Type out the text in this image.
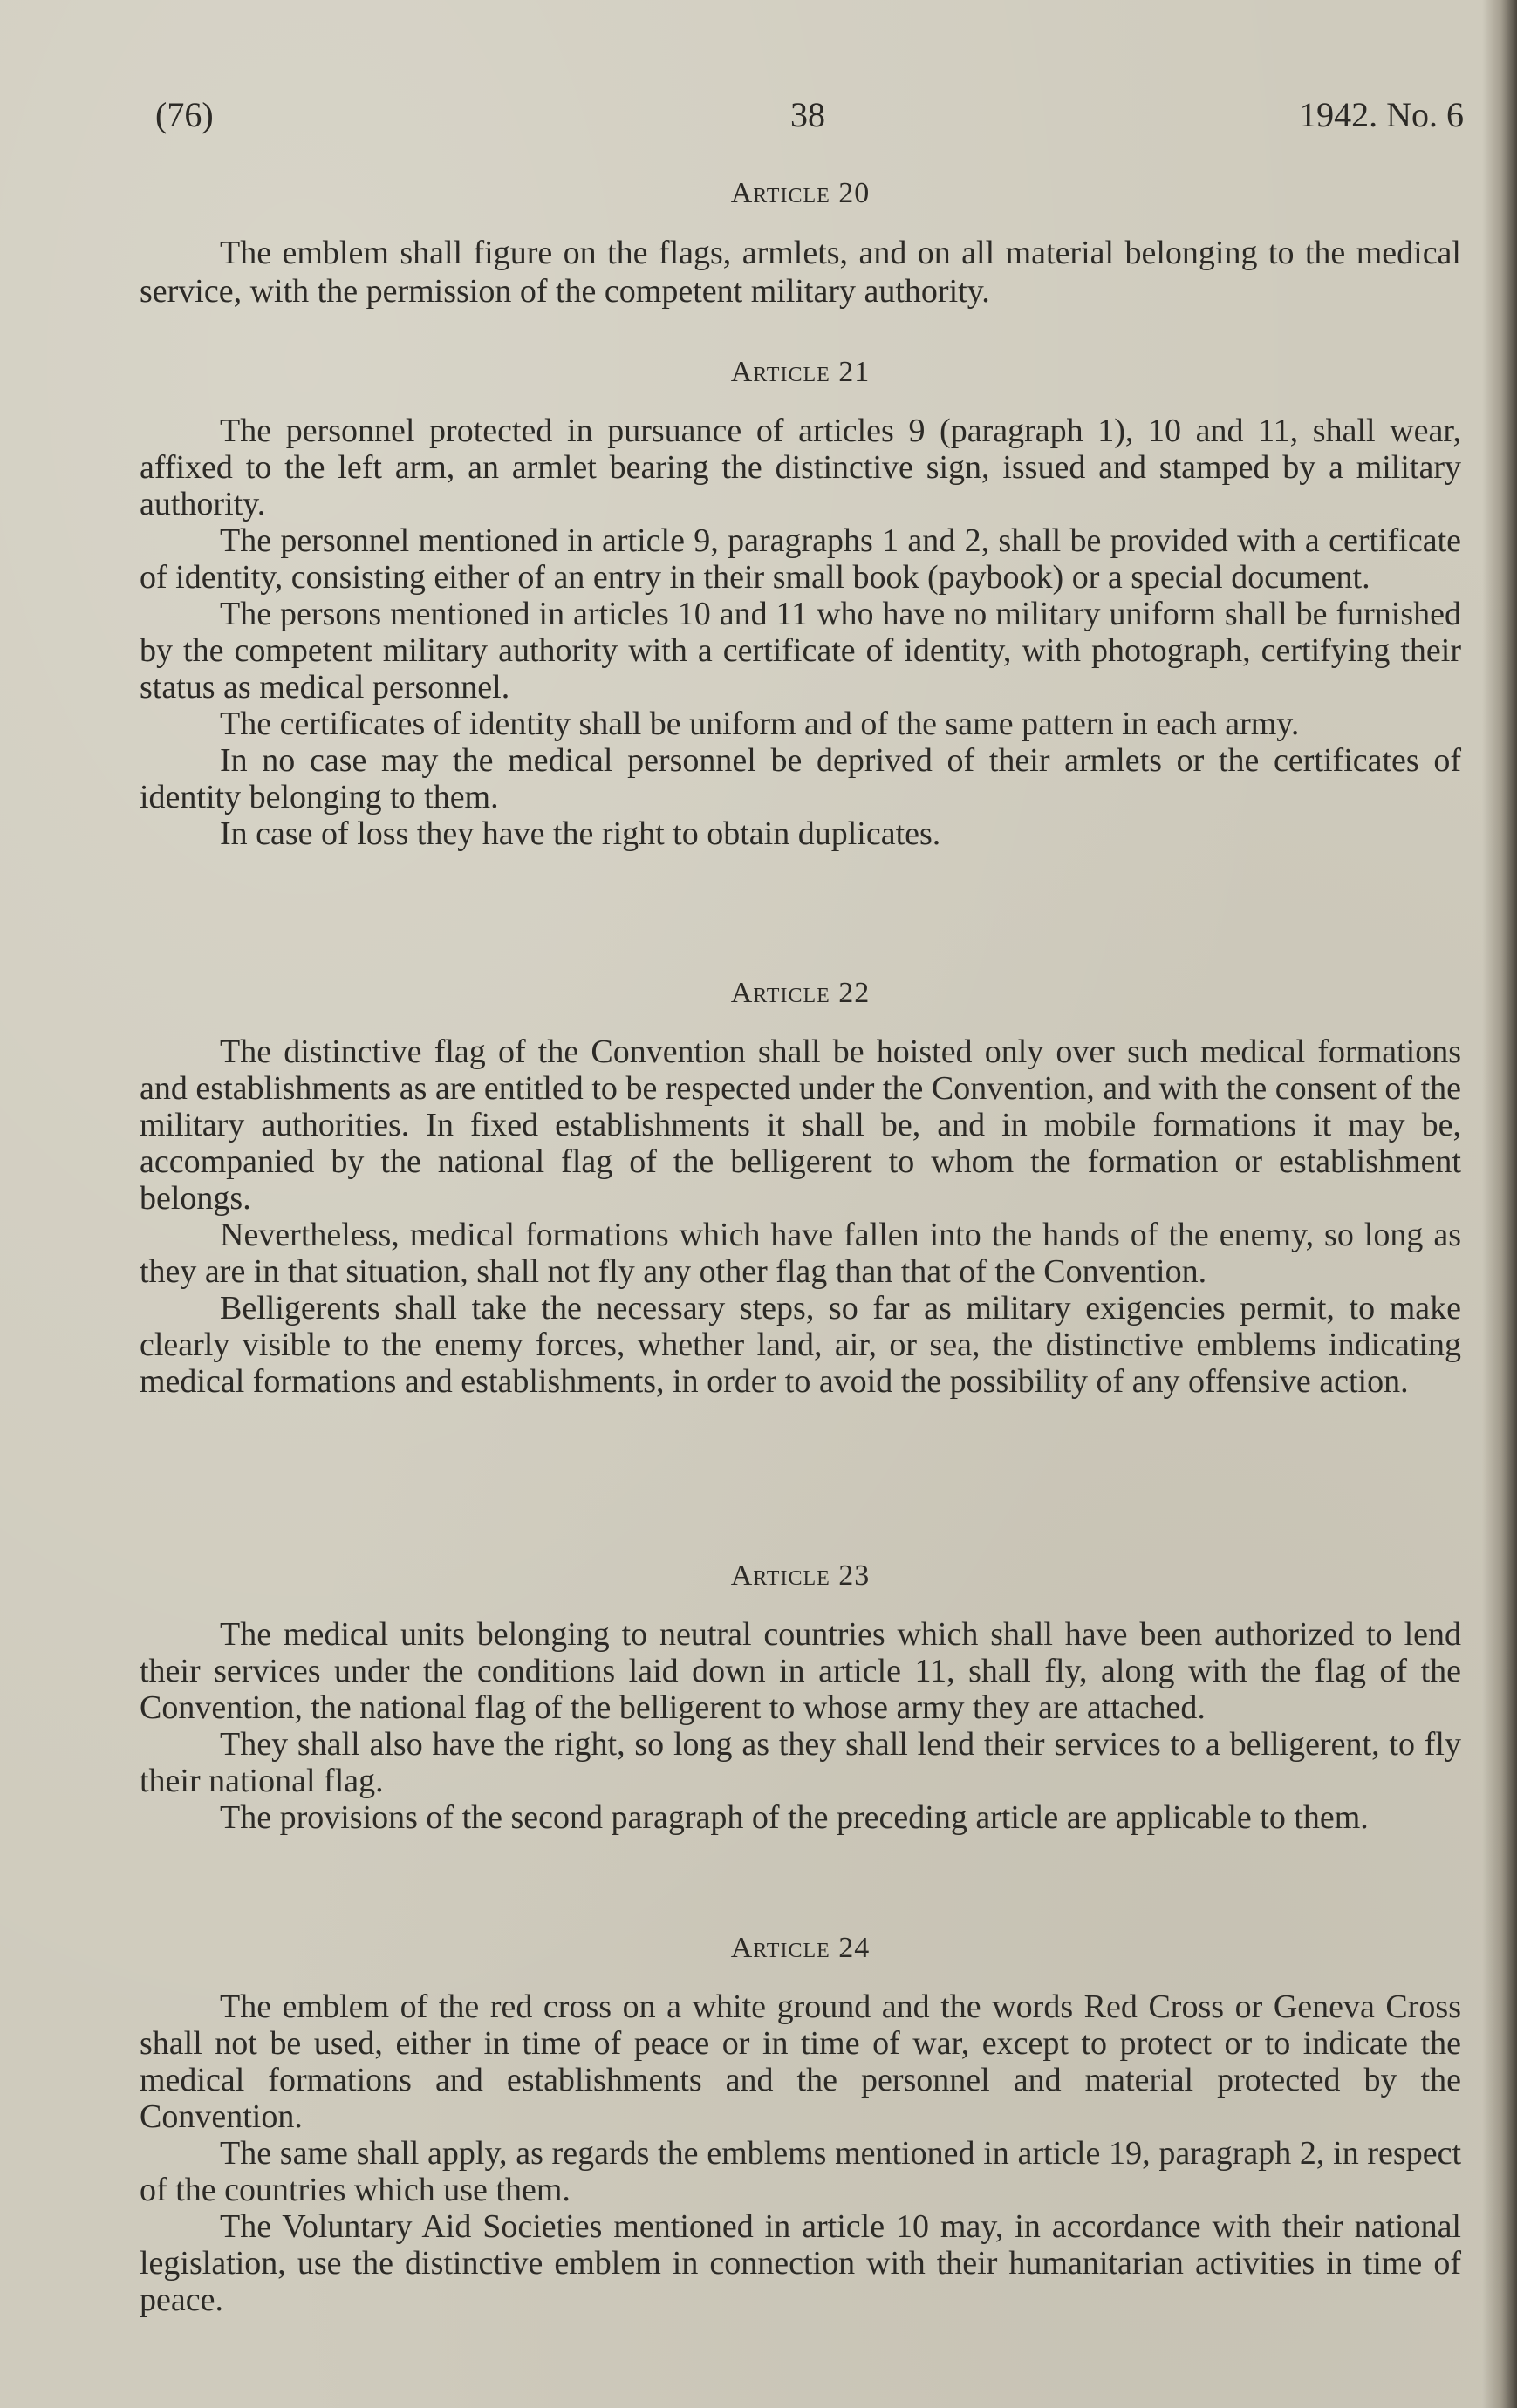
(76)	38	1942. No. 6
Article 20

The emblem shall figure on the flags, armlets, and on all material belonging to the medical service, with the permission of the competent military authority.

Article 21

The personnel protected in pursuance of articles 9 (paragraph 1), 10 and 11, shall wear, affixed to the left arm, an armlet bearing the distinctive sign, issued and stamped by a military authority.

The personnel mentioned in article 9, paragraphs 1 and 2, shall be provided with a certificate of identity, consisting either of an entry in their small book (paybook) or a special document.

The persons mentioned in articles 10 and 11 who have no military uniform shall be furnished by the competent military authority with a certificate of identity, with photograph, certifying their status as medical personnel.

The certificates of identity shall be uniform and of the same pattern in each army.

In no case may the medical personnel be deprived of their armlets or the certificates of identity belonging to them.

In case of loss they have the right to obtain duplicates.

Article 22

The distinctive flag of the Convention shall be hoisted only over such medical formations and establishments as are entitled to be respected under the Convention, and with the consent of the military authorities. In fixed establishments it shall be, and in mobile formations it may be, accompanied by the national flag of the belligerent to whom the formation or establishment belongs.

Nevertheless, medical formations which have fallen into the hands of the enemy, so long as they are in that situation, shall not fly any other flag than that of the Convention.

Belligerents shall take the necessary steps, so far as military exigencies permit, to make clearly visible to the enemy forces, whether land, air, or sea, the distinctive emblems indicating medical formations and establishments, in order to avoid the possibility of any offensive action.

Article 23

The medical units belonging to neutral countries which shall have been authorized to lend their services under the conditions laid down in article 11, shall fly, along with the flag of the Convention, the national flag of the belligerent to whose army they are attached.

They shall also have the right, so long as they shall lend their services to a belligerent, to fly their national flag.

The provisions of the second paragraph of the preceding article are applicable to them.

Article 24

The emblem of the red cross on a white ground and the words Red Cross or Geneva Cross shall not be used, either in time of peace or in time of war, except to protect or to indicate the medical formations and establishments and the personnel and material protected by the Convention.

The same shall apply, as regards the emblems mentioned in article 19, paragraph 2, in respect of the countries which use them.

The Voluntary Aid Societies mentioned in article 10 may, in accordance with their national legislation, use the distinctive emblem in connection with their humanitarian activities in time of peace.
